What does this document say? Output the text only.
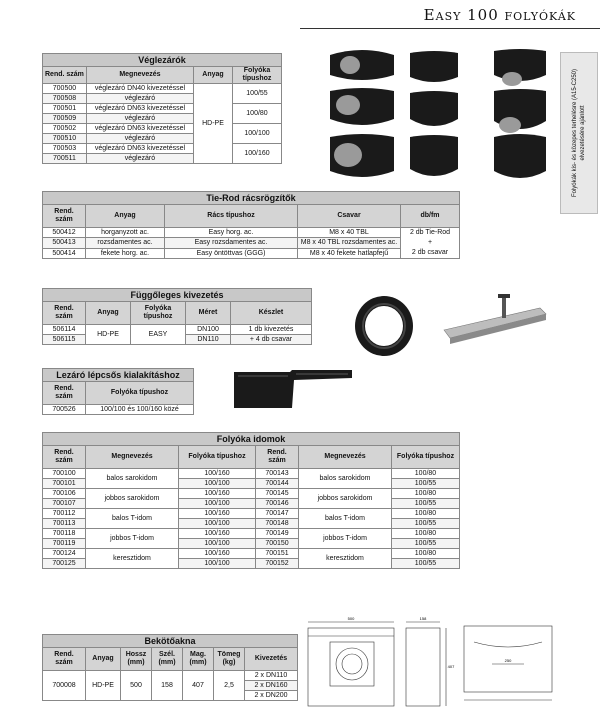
Easy 100 folyókák
Folyókák kis- és közepes terhelésre (A15-C250) elvezetésére ajánlott
Véglezárók
Rend. szám	Megnevezés	Anyag	Folyóka típushoz
700500	véglezáró DN40 kivezetéssel	HD-PE	100/55
700508	véglezáró		
700501	véglezáró DN63 kivezetéssel		100/80
700509	véglezáró		
700502	véglezáró DN63 kivezetéssel		100/100
700510	véglezáró		
700503	véglezáró DN63 kivezetéssel		100/160
700511	véglezáró		
Tie-Rod rácsrögzítők
Rend. szám	Anyag	Rács típushoz	Csavar	db/fm
500412	horganyzott ac.	Easy horg. ac.	M8 x 40 TBL	2 db Tie-Rod
+
2 db csavar

500413	rozsdamentes ac.	Easy rozsdamentes ac.	M8 x 40 TBL rozsdamentes ac.	
500414	fekete horg. ac.	Easy öntöttvas (GGG)	M8 x 40 fekete hatlapfejű	
Függőleges kivezetés
Rend. szám	Anyag	Folyóka típushoz	Méret	Készlet
506114	HD-PE	EASY	DN100	1 db kivezetés
506115			DN110	+ 4 db csavar
Lezáró lépcsős kialakításhoz
Rend. szám	Folyóka típushoz
700526	100/100 és 100/160 közé
Folyóka idomok
Rend. szám	Megnevezés	Folyóka típushoz	Rend. szám	Megnevezés	Folyóka típushoz
700100	balos sarokidom	100/160	700143	balos sarokidom	100/80
700101		100/100	700144		100/55
700106	jobbos sarokidom	100/160	700145	jobbos sarokidom	100/80
700107		100/100	700146		100/55
700112	balos T-idom	100/160	700147	balos T-idom	100/80
700113		100/100	700148		100/55
700118	jobbos T-idom	100/160	700149	jobbos T-idom	100/80
700119		100/100	700150		100/55
700124	keresztidom	100/160	700151	keresztidom	100/80
700125		100/100	700152		100/55
Bekötőakna
Rend. szám	Anyag	Hossz (mm)	Szél. (mm)	Mag. (mm)	Tömeg (kg)	Kivezetés
700008	HD-PE	500	158	407	2,5	2 x DN110
						2 x DN160
						2 x DN200
500	158
407
250
